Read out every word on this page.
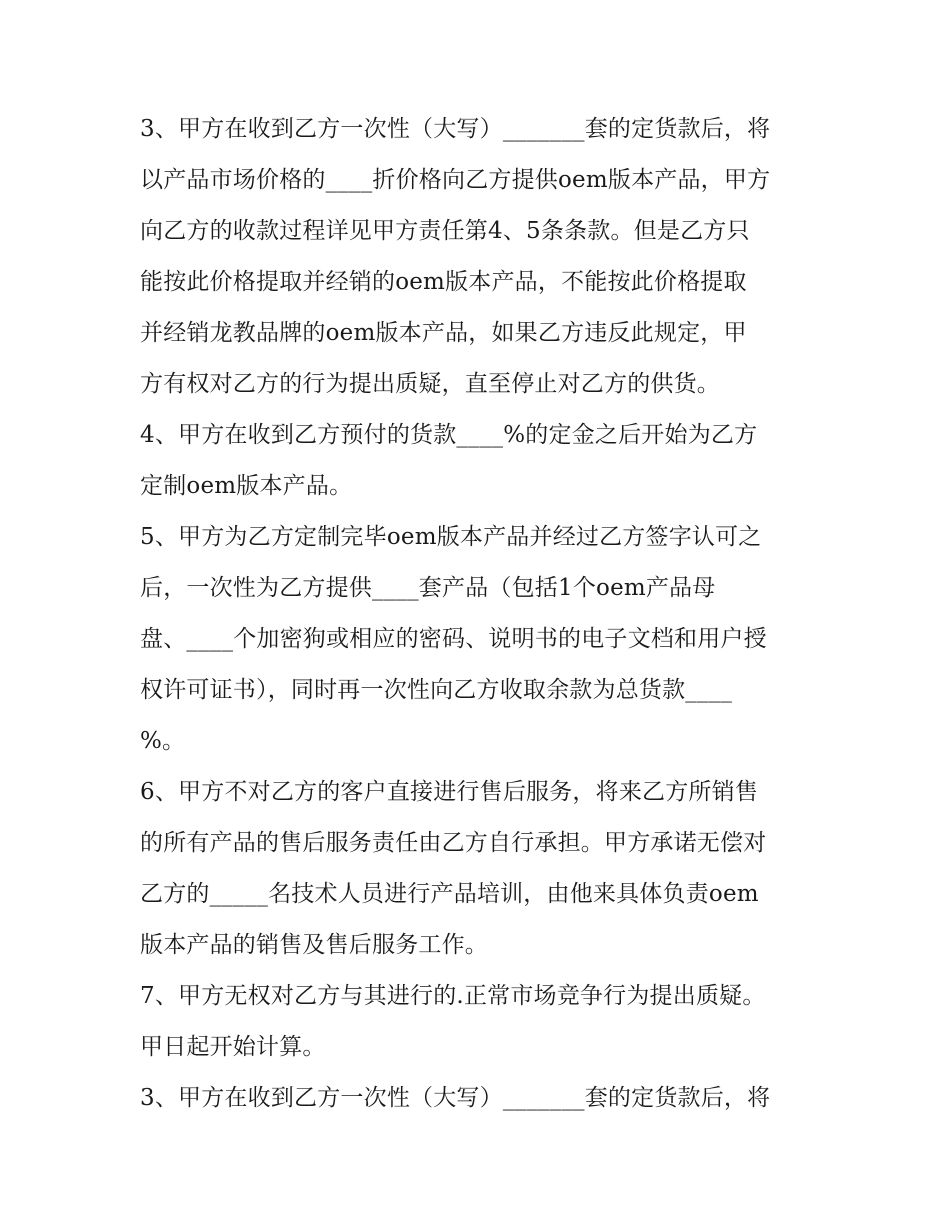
3、甲方在收到乙方一次性（大写）_______套的定货款后，将
以产品市场价格的____折价格向乙方提供oem版本产品，甲方
向乙方的收款过程详见甲方责任第4、5条条款。但是乙方只
能按此价格提取并经销的oem版本产品，不能按此价格提取
并经销龙教品牌的oem版本产品，如果乙方违反此规定，甲
方有权对乙方的行为提出质疑，直至停止对乙方的供货。
4、甲方在收到乙方预付的货款____%的定金之后开始为乙方
定制oem版本产品。
5、甲方为乙方定制完毕oem版本产品并经过乙方签字认可之
后，一次性为乙方提供____套产品（包括1个oem产品母
盘、____个加密狗或相应的密码、说明书的电子文档和用户授
权许可证书），同时再一次性向乙方收取余款为总货款____
%。
6、甲方不对乙方的客户直接进行售后服务，将来乙方所销售
的所有产品的售后服务责任由乙方自行承担。甲方承诺无偿对
乙方的_____名技术人员进行产品培训，由他来具体负责oem
版本产品的销售及售后服务工作。
7、甲方无权对乙方与其进行的.正常市场竞争行为提出质疑。
甲日起开始计算。
3、甲方在收到乙方一次性（大写）_______套的定货款后，将
